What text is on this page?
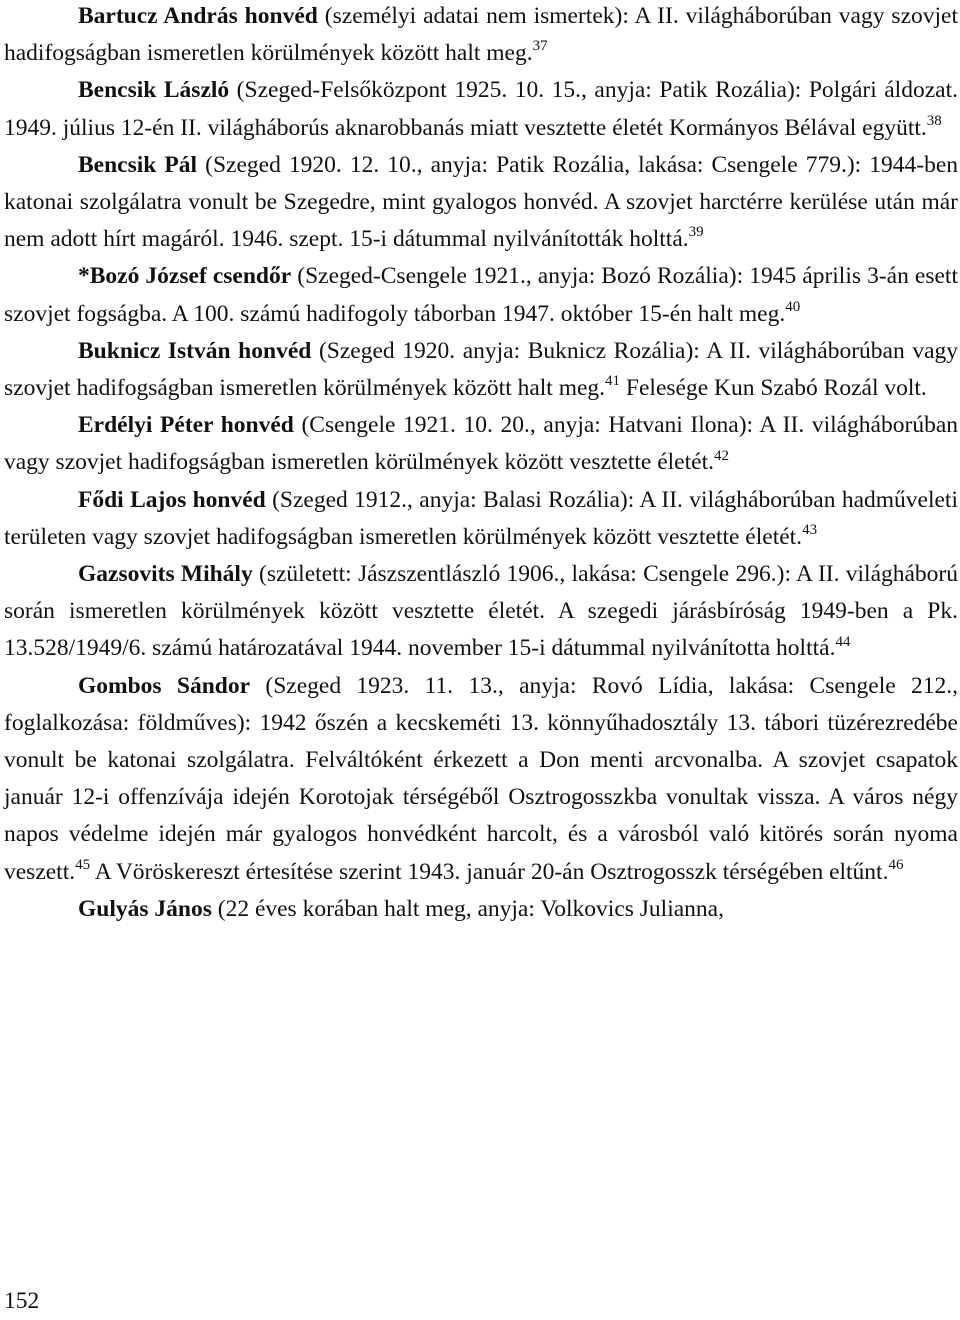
Bartucz András honvéd (személyi adatai nem ismertek): A II. világháborúban vagy szovjet hadifogságban ismeretlen körülmények között halt meg.$^{37}$

Bencsik László (Szeged-Felsőközpont 1925. 10. 15., anyja: Patik Rozália): Polgári áldozat. 1949. július 12-én II. világháborús aknarobbanás miatt vesztette életét Kormányos Bélával együtt.$^{38}$

Bencsik Pál (Szeged 1920. 12. 10., anyja: Patik Rozália, lakása: Csengele 779.): 1944-ben katonai szolgálatra vonult be Szegedre, mint gyalogos honvéd. A szovjet harctérre kerülése után már nem adott hírt magáról. 1946. szept. 15-i dátummal nyilvánították holttá.$^{39}$

*Bozó József csendőr (Szeged-Csengele 1921., anyja: Bozó Rozália): 1945 április 3-án esett szovjet fogságba. A 100. számú hadifogoly táborban 1947. október 15-én halt meg.$^{40}$

Buknicz István honvéd (Szeged 1920. anyja: Buknicz Rozália): A II. világháborúban vagy szovjet hadifogságban ismeretlen körülmények között halt meg.$^{41}$ Felesége Kun Szabó Rozál volt.

Erdélyi Péter honvéd (Csengele 1921. 10. 20., anyja: Hatvani Ilona): A II. világháborúban vagy szovjet hadifogságban ismeretlen körülmények között vesztette életét.$^{42}$

Fődi Lajos honvéd (Szeged 1912., anyja: Balasi Rozália): A II. világháborúban hadműveleti területen vagy szovjet hadifogságban ismeretlen körülmények között vesztette életét.$^{43}$

Gazsovits Mihály (született: Jászszentlászló 1906., lakása: Csengele 296.): A II. világháború során ismeretlen körülmények között vesztette életét. A szegedi járásbíróság 1949-ben a Pk. 13.528/1949/6. számú határozatával 1944. november 15-i dátummal nyilvánította holttá.$^{44}$

Gombos Sándor (Szeged 1923. 11. 13., anyja: Rovó Lídia, lakása: Csengele 212., foglalkozása: földműves): 1942 őszén a kecskeméti 13. könnyűhadosztály 13. tábori tüzérezredébe vonult be katonai szolgálatra. Felváltóként érkezett a Don menti arcvonalba. A szovjet csapatok január 12-i offenzívája idején Korotojak térségéből Osztrogosszkba vonultak vissza. A város négy napos védelme idején már gyalogos honvédként harcolt, és a városból való kitörés során nyoma veszett.$^{45}$ A Vöröskereszt értesítése szerint 1943. január 20-án Osztrogosszk térségében eltűnt.$^{46}$

Gulyás János (22 éves korában halt meg, anyja: Volkovics Julianna,

152
